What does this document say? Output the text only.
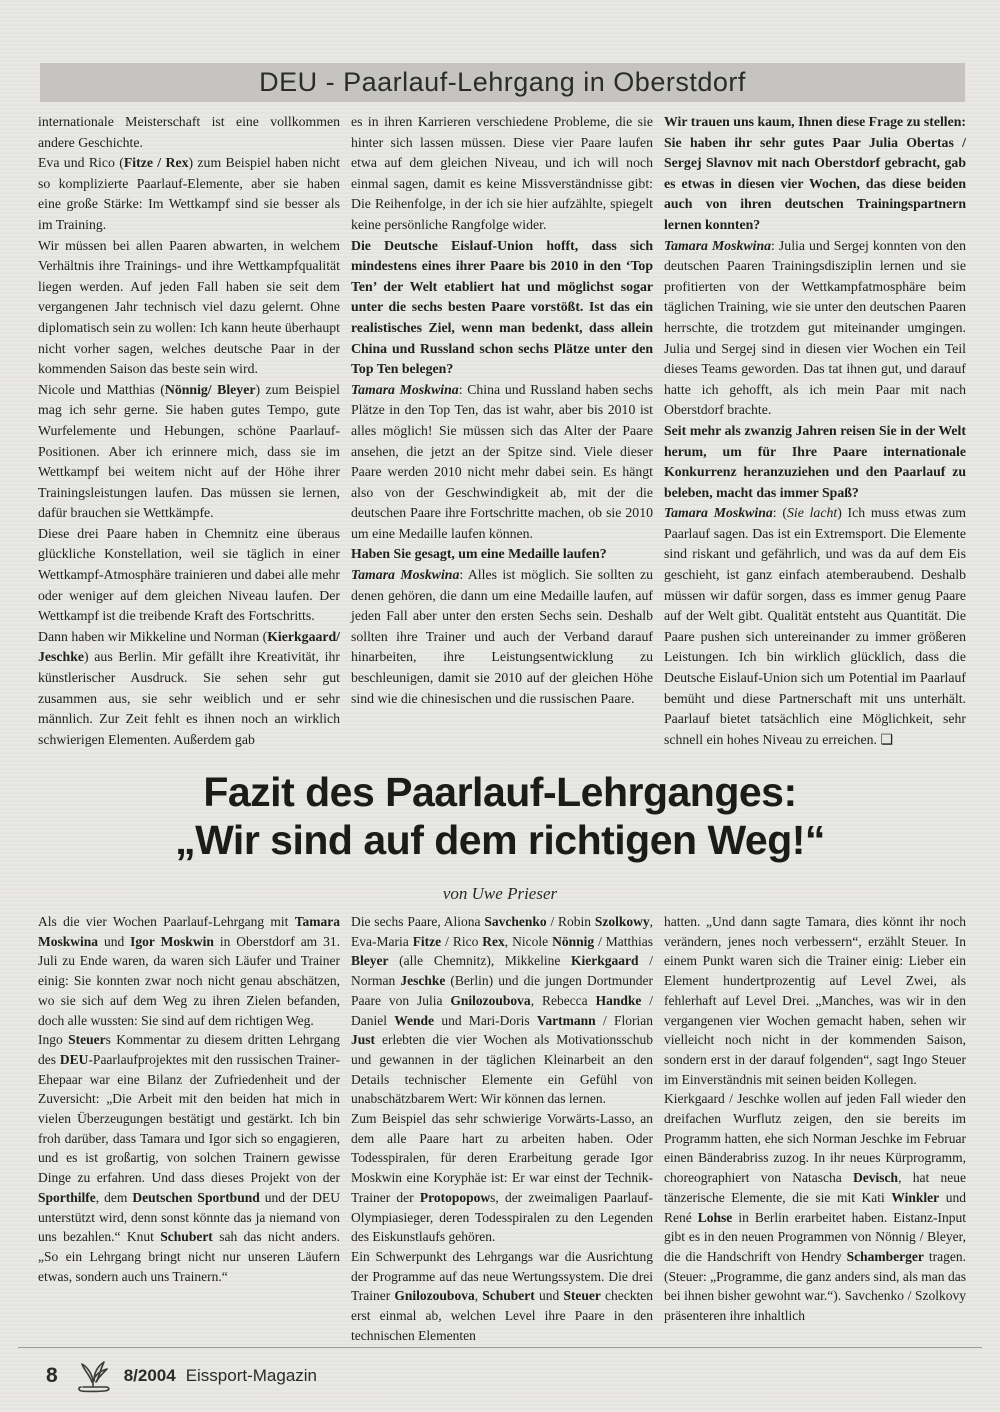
DEU - Paarlauf-Lehrgang in Oberstdorf

internationale Meisterschaft ist eine vollkommen andere Geschichte.

Eva und Rico (Fitze / Rex) zum Beispiel haben nicht so komplizierte Paarlauf-Elemente, aber sie haben eine große Stärke: Im Wettkampf sind sie besser als im Training.

Wir müssen bei allen Paaren abwarten, in welchem Verhältnis ihre Trainings- und ihre Wettkampfqualität liegen werden. Auf jeden Fall haben sie seit dem vergangenen Jahr technisch viel dazu gelernt. Ohne diplomatisch sein zu wollen: Ich kann heute überhaupt nicht vorher sagen, welches deutsche Paar in der kommenden Saison das beste sein wird.

Nicole und Matthias (Nönnig/ Bleyer) zum Beispiel mag ich sehr gerne. Sie haben gutes Tempo, gute Wurfelemente und Hebungen, schöne Paarlauf-Positionen. Aber ich erinnere mich, dass sie im Wettkampf bei weitem nicht auf der Höhe ihrer Trainingsleistungen laufen. Das müssen sie lernen, dafür brauchen sie Wettkämpfe.

Diese drei Paare haben in Chemnitz eine überaus glückliche Konstellation, weil sie täglich in einer Wettkampf-Atmosphäre trainieren und dabei alle mehr oder weniger auf dem gleichen Niveau laufen. Der Wettkampf ist die treibende Kraft des Fortschritts.

Dann haben wir Mikkeline und Norman (Kierkgaard/ Jeschke) aus Berlin. Mir gefällt ihre Kreativität, ihr künstlerischer Ausdruck. Sie sehen sehr gut zusammen aus, sie sehr weiblich und er sehr männlich. Zur Zeit fehlt es ihnen noch an wirklich schwierigen Elementen. Außerdem gab

es in ihren Karrieren verschiedene Probleme, die sie hinter sich lassen müssen. Diese vier Paare laufen etwa auf dem gleichen Niveau, und ich will noch einmal sagen, damit es keine Missverständnisse gibt: Die Reihenfolge, in der ich sie hier aufzählte, spiegelt keine persönliche Rangfolge wider.

Die Deutsche Eislauf-Union hofft, dass sich mindestens eines ihrer Paare bis 2010 in den ‘Top Ten’ der Welt etabliert hat und möglichst sogar unter die sechs besten Paare vorstößt. Ist das ein realistisches Ziel, wenn man bedenkt, dass allein China und Russland schon sechs Plätze unter den Top Ten belegen?

Tamara Moskwina: China und Russland haben sechs Plätze in den Top Ten, das ist wahr, aber bis 2010 ist alles möglich! Sie müssen sich das Alter der Paare ansehen, die jetzt an der Spitze sind. Viele dieser Paare werden 2010 nicht mehr dabei sein. Es hängt also von der Geschwindigkeit ab, mit der die deutschen Paare ihre Fortschritte machen, ob sie 2010 um eine Medaille laufen können.

Haben Sie gesagt, um eine Medaille laufen?

Tamara Moskwina: Alles ist möglich. Sie sollten zu denen gehören, die dann um eine Medaille laufen, auf jeden Fall aber unter den ersten Sechs sein. Deshalb sollten ihre Trainer und auch der Verband darauf hinarbeiten, ihre Leistungsentwicklung zu beschleunigen, damit sie 2010 auf der gleichen Höhe sind wie die chinesischen und die russischen Paare.

Wir trauen uns kaum, Ihnen diese Frage zu stellen: Sie haben ihr sehr gutes Paar Julia Obertas / Sergej Slavnov mit nach Oberstdorf gebracht, gab es etwas in diesen vier Wochen, das diese beiden auch von ihren deutschen Trainingspartnern lernen konnten?

Tamara Moskwina: Julia und Sergej konnten von den deutschen Paaren Trainingsdisziplin lernen und sie profitierten von der Wettkampfatmosphäre beim täglichen Training, wie sie unter den deutschen Paaren herrschte, die trotzdem gut miteinander umgingen. Julia und Sergej sind in diesen vier Wochen ein Teil dieses Teams geworden. Das tat ihnen gut, und darauf hatte ich gehofft, als ich mein Paar mit nach Oberstdorf brachte.

Seit mehr als zwanzig Jahren reisen Sie in der Welt herum, um für Ihre Paare internationale Konkurrenz heranzuziehen und den Paarlauf zu beleben, macht das immer Spaß?

Tamara Moskwina: (Sie lacht) Ich muss etwas zum Paarlauf sagen. Das ist ein Extremsport. Die Elemente sind riskant und gefährlich, und was da auf dem Eis geschieht, ist ganz einfach atemberaubend. Deshalb müssen wir dafür sorgen, dass es immer genug Paare auf der Welt gibt. Qualität entsteht aus Quantität. Die Paare pushen sich untereinander zu immer größeren Leistungen. Ich bin wirklich glücklich, dass die Deutsche Eislauf-Union sich um Potential im Paarlauf bemüht und diese Partnerschaft mit uns unterhält. Paarlauf bietet tatsächlich eine Möglichkeit, sehr schnell ein hohes Niveau zu erreichen. ❑

Fazit des Paarlauf-Lehrganges:
„Wir sind auf dem richtigen Weg!“
von Uwe Prieser

Als die vier Wochen Paarlauf-Lehrgang mit Tamara Moskwina und Igor Moskwin in Oberstdorf am 31. Juli zu Ende waren, da waren sich Läufer und Trainer einig: Sie konnten zwar noch nicht genau abschätzen, wo sie sich auf dem Weg zu ihren Zielen befanden, doch alle wussten: Sie sind auf dem richtigen Weg.

Ingo Steuers Kommentar zu diesem dritten Lehrgang des DEU-Paarlaufprojektes mit den russischen Trainer-Ehepaar war eine Bilanz der Zufriedenheit und der Zuversicht: „Die Arbeit mit den beiden hat mich in vielen Überzeugungen bestätigt und gestärkt. Ich bin froh darüber, dass Tamara und Igor sich so engagieren, und es ist großartig, von solchen Trainern gewisse Dinge zu erfahren. Und dass dieses Projekt von der Sporthilfe, dem Deutschen Sportbund und der DEU unterstützt wird, denn sonst könnte das ja niemand von uns bezahlen.“ Knut Schubert sah das nicht anders. „So ein Lehrgang bringt nicht nur unseren Läufern etwas, sondern auch uns Trainern.“

Die sechs Paare, Aliona Savchenko / Robin Szolkowy, Eva-Maria Fitze / Rico Rex, Nicole Nönnig / Matthias Bleyer (alle Chemnitz), Mikkeline Kierkgaard / Norman Jeschke (Berlin) und die jungen Dortmunder Paare von Julia Gnilozoubova, Rebecca Handke / Daniel Wende und Mari-Doris Vartmann / Florian Just erlebten die vier Wochen als Motivationsschub und gewannen in der täglichen Kleinarbeit an den Details technischer Elemente ein Gefühl von unabschätzbarem Wert: Wir können das lernen.

Zum Beispiel das sehr schwierige Vorwärts-Lasso, an dem alle Paare hart zu arbeiten haben. Oder Todesspiralen, für deren Erarbeitung gerade Igor Moskwin eine Koryphäe ist: Er war einst der Technik-Trainer der Protopopows, der zweimaligen Paarlauf-Olympiasieger, deren Todesspiralen zu den Legenden des Eiskunstlaufs gehören.

Ein Schwerpunkt des Lehrgangs war die Ausrichtung der Programme auf das neue Wertungssystem. Die drei Trainer Gnilozoubova, Schubert und Steuer checkten erst einmal ab, welchen Level ihre Paare in den technischen Elementen

hatten. „Und dann sagte Tamara, dies könnt ihr noch verändern, jenes noch verbessern“, erzählt Steuer. In einem Punkt waren sich die Trainer einig: Lieber ein Element hundertprozentig auf Level Zwei, als fehlerhaft auf Level Drei. „Manches, was wir in den vergangenen vier Wochen gemacht haben, sehen wir vielleicht noch nicht in der kommenden Saison, sondern erst in der darauf folgenden“, sagt Ingo Steuer im Einverständnis mit seinen beiden Kollegen.

Kierkgaard / Jeschke wollen auf jeden Fall wieder den dreifachen Wurflutz zeigen, den sie bereits im Programm hatten, ehe sich Norman Jeschke im Februar einen Bänderabriss zuzog. In ihr neues Kürprogramm, choreographiert von Natascha Devisch, hat neue tänzerische Elemente, die sie mit Kati Winkler und René Lohse in Berlin erarbeitet haben. Eistanz-Input gibt es in den neuen Programmen von Nönnig / Bleyer, die die Handschrift von Hendry Schamberger tragen. (Steuer: „Programme, die ganz anders sind, als man das bei ihnen bisher gewohnt war.“). Savchenko / Szolkovy präsenteren ihre inhaltlich

8	8/2004 Eissport-Magazin
